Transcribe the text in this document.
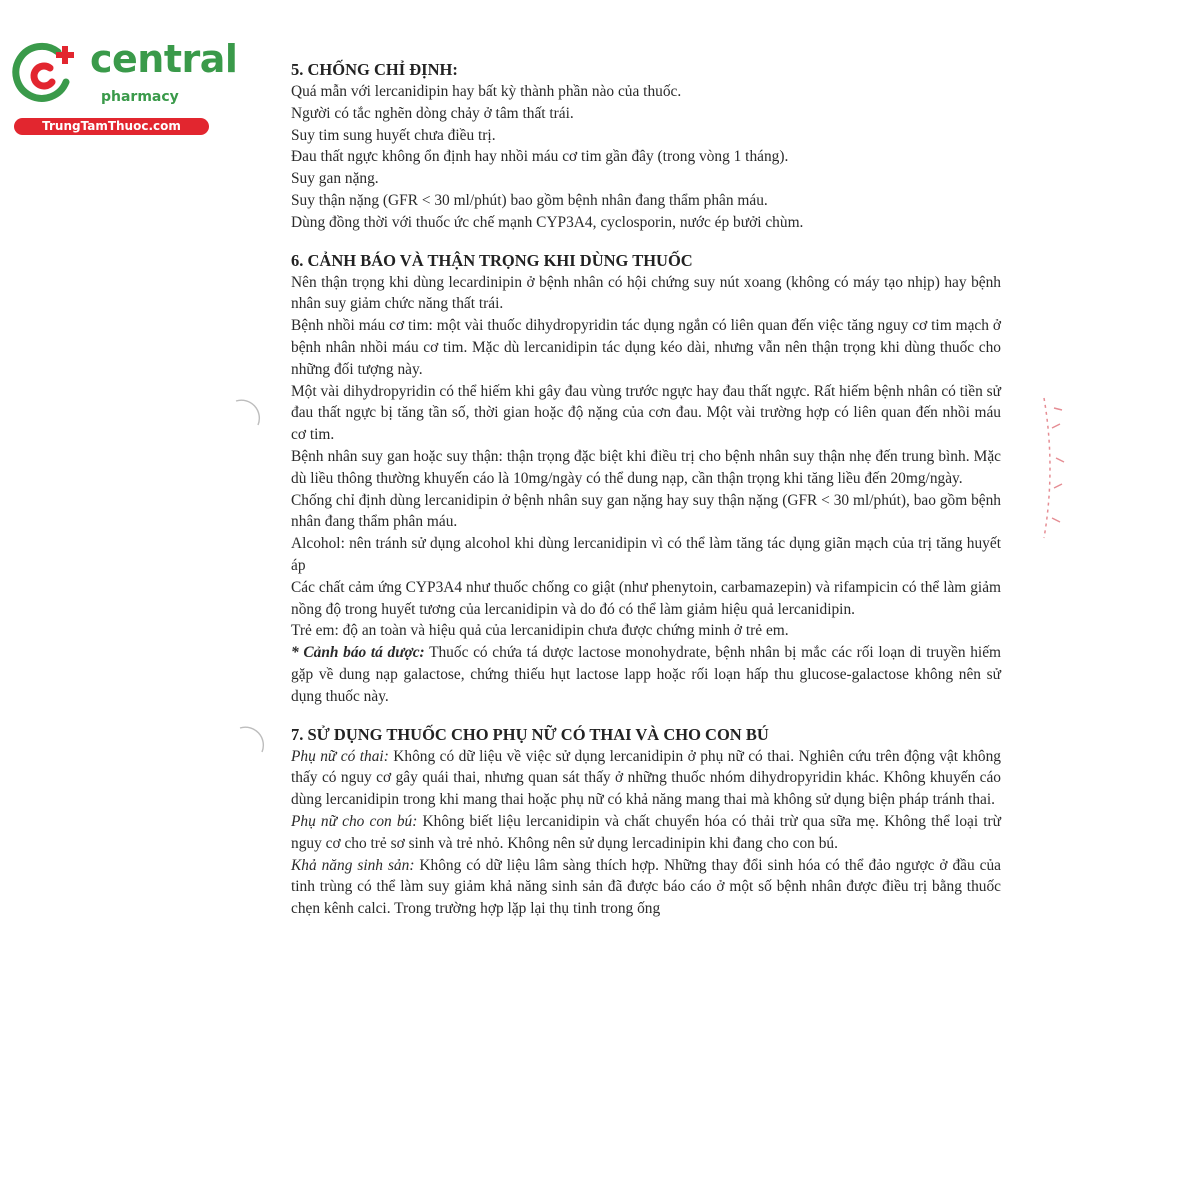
central
pharmacy
TrungTamThuoc.com

5. CHỐNG CHỈ ĐỊNH:

Quá mẫn với lercanidipin hay bất kỳ thành phần nào của thuốc.

Người có tắc nghẽn dòng chảy ở tâm thất trái.

Suy tim sung huyết chưa điều trị.

Đau thất ngực không ổn định hay nhồi máu cơ tim gần đây (trong vòng 1 tháng).

Suy gan nặng.

Suy thận nặng (GFR < 30 ml/phút) bao gồm bệnh nhân đang thẩm phân máu.

Dùng đồng thời với thuốc ức chế mạnh CYP3A4, cyclosporin, nước ép bưởi chùm.

6. CẢNH BÁO VÀ THẬN TRỌNG KHI DÙNG THUỐC

Nên thận trọng khi dùng lecardinipin ở bệnh nhân có hội chứng suy nút xoang (không có máy tạo nhịp) hay bệnh nhân suy giảm chức năng thất trái.

Bệnh nhồi máu cơ tim: một vài thuốc dihydropyridin tác dụng ngắn có liên quan đến việc tăng nguy cơ tim mạch ở bệnh nhân nhồi máu cơ tim. Mặc dù lercanidipin tác dụng kéo dài, nhưng vẫn nên thận trọng khi dùng thuốc cho những đối tượng này.

Một vài dihydropyridin có thể hiếm khi gây đau vùng trước ngực hay đau thất ngực. Rất hiếm bệnh nhân có tiền sử đau thất ngực bị tăng tần số, thời gian hoặc độ nặng của cơn đau. Một vài trường hợp có liên quan đến nhồi máu cơ tim.

Bệnh nhân suy gan hoặc suy thận: thận trọng đặc biệt khi điều trị cho bệnh nhân suy thận nhẹ đến trung bình. Mặc dù liều thông thường khuyến cáo là 10mg/ngày có thể dung nạp, cần thận trọng khi tăng liều đến 20mg/ngày.

Chống chỉ định dùng lercanidipin ở bệnh nhân suy gan nặng hay suy thận nặng (GFR < 30 ml/phút), bao gồm bệnh nhân đang thẩm phân máu.

Alcohol: nên tránh sử dụng alcohol khi dùng lercanidipin vì có thể làm tăng tác dụng giãn mạch của trị tăng huyết áp

Các chất cảm ứng CYP3A4 như thuốc chống co giật (như phenytoin, carbamazepin) và rifampicin có thể làm giảm nồng độ trong huyết tương của lercanidipin và do đó có thể làm giảm hiệu quả lercanidipin.

Trẻ em: độ an toàn và hiệu quả của lercanidipin chưa được chứng minh ở trẻ em.

* Cảnh báo tá dược: Thuốc có chứa tá dược lactose monohydrate, bệnh nhân bị mắc các rối loạn di truyền hiếm gặp về dung nạp galactose, chứng thiếu hụt lactose lapp hoặc rối loạn hấp thu glucose-galactose không nên sử dụng thuốc này.

7. SỬ DỤNG THUỐC CHO PHỤ NỮ CÓ THAI VÀ CHO CON BÚ

Phụ nữ có thai: Không có dữ liệu về việc sử dụng lercanidipin ở phụ nữ có thai. Nghiên cứu trên động vật không thấy có nguy cơ gây quái thai, nhưng quan sát thấy ở những thuốc nhóm dihydropyridin khác. Không khuyến cáo dùng lercanidipin trong khi mang thai hoặc phụ nữ có khả năng mang thai mà không sử dụng biện pháp tránh thai.

Phụ nữ cho con bú: Không biết liệu lercanidipin và chất chuyển hóa có thải trừ qua sữa mẹ. Không thể loại trừ nguy cơ cho trẻ sơ sinh và trẻ nhỏ. Không nên sử dụng lercadinipin khi đang cho con bú.

Khả năng sinh sản: Không có dữ liệu lâm sàng thích hợp. Những thay đổi sinh hóa có thể đảo ngược ở đầu của tinh trùng có thể làm suy giảm khả năng sinh sản đã được báo cáo ở một số bệnh nhân được điều trị bằng thuốc chẹn kênh calci. Trong trường hợp lặp lại thụ tinh trong ống
